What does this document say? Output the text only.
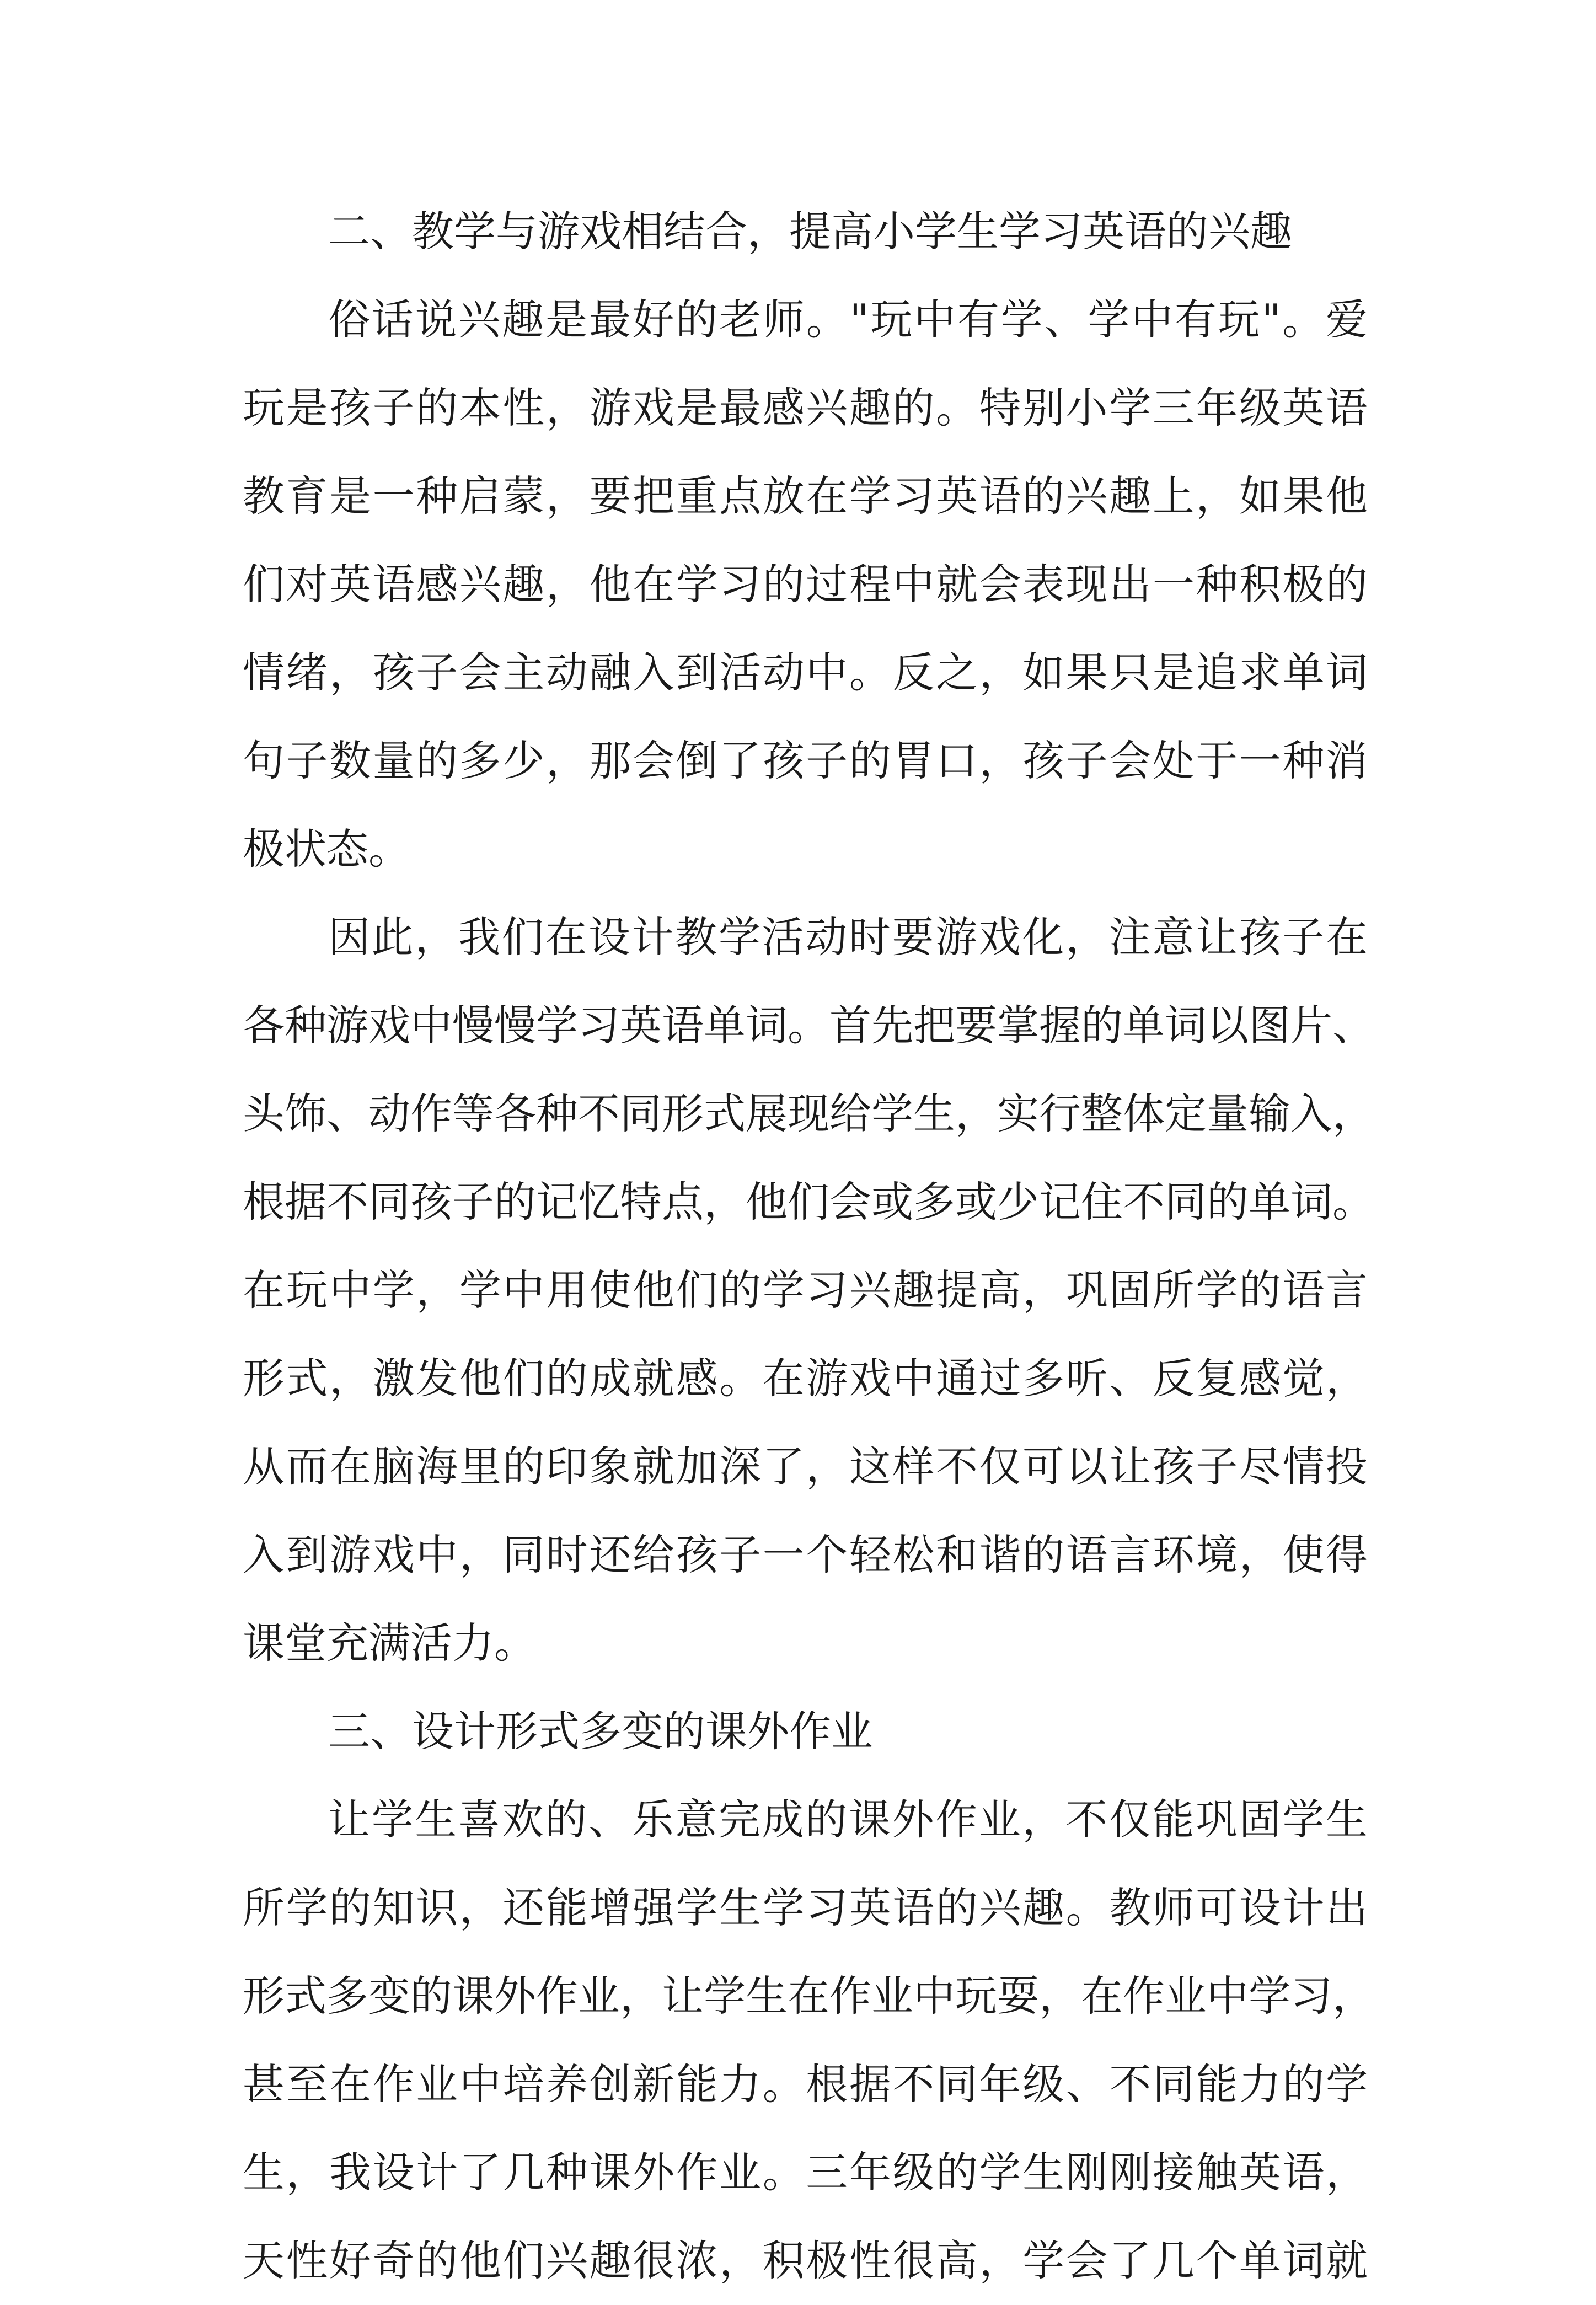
二、教学与游戏相结合，提高小学生学习英语的兴趣
俗话说兴趣是最好的老师。"玩中有学、学中有玩"。爱
玩是孩子的本性，游戏是最感兴趣的。特别小学三年级英语
教育是一种启蒙，要把重点放在学习英语的兴趣上，如果他
们对英语感兴趣，他在学习的过程中就会表现出一种积极的
情绪，孩子会主动融入到活动中。反之，如果只是追求单词
句子数量的多少，那会倒了孩子的胃口，孩子会处于一种消
极状态。
因此，我们在设计教学活动时要游戏化，注意让孩子在
各种游戏中慢慢学习英语单词。首先把要掌握的单词以图片、
头饰、动作等各种不同形式展现给学生，实行整体定量输入，
根据不同孩子的记忆特点，他们会或多或少记住不同的单词。
在玩中学，学中用使他们的学习兴趣提高，巩固所学的语言
形式，激发他们的成就感。在游戏中通过多听、反复感觉，
从而在脑海里的印象就加深了，这样不仅可以让孩子尽情投
入到游戏中，同时还给孩子一个轻松和谐的语言环境，使得
课堂充满活力。
三、设计形式多变的课外作业
让学生喜欢的、乐意完成的课外作业，不仅能巩固学生
所学的知识，还能增强学生学习英语的兴趣。教师可设计出
形式多变的课外作业，让学生在作业中玩耍，在作业中学习，
甚至在作业中培养创新能力。根据不同年级、不同能力的学
生，我设计了几种课外作业。三年级的学生刚刚接触英语，
天性好奇的他们兴趣很浓，积极性很高，学会了几个单词就
